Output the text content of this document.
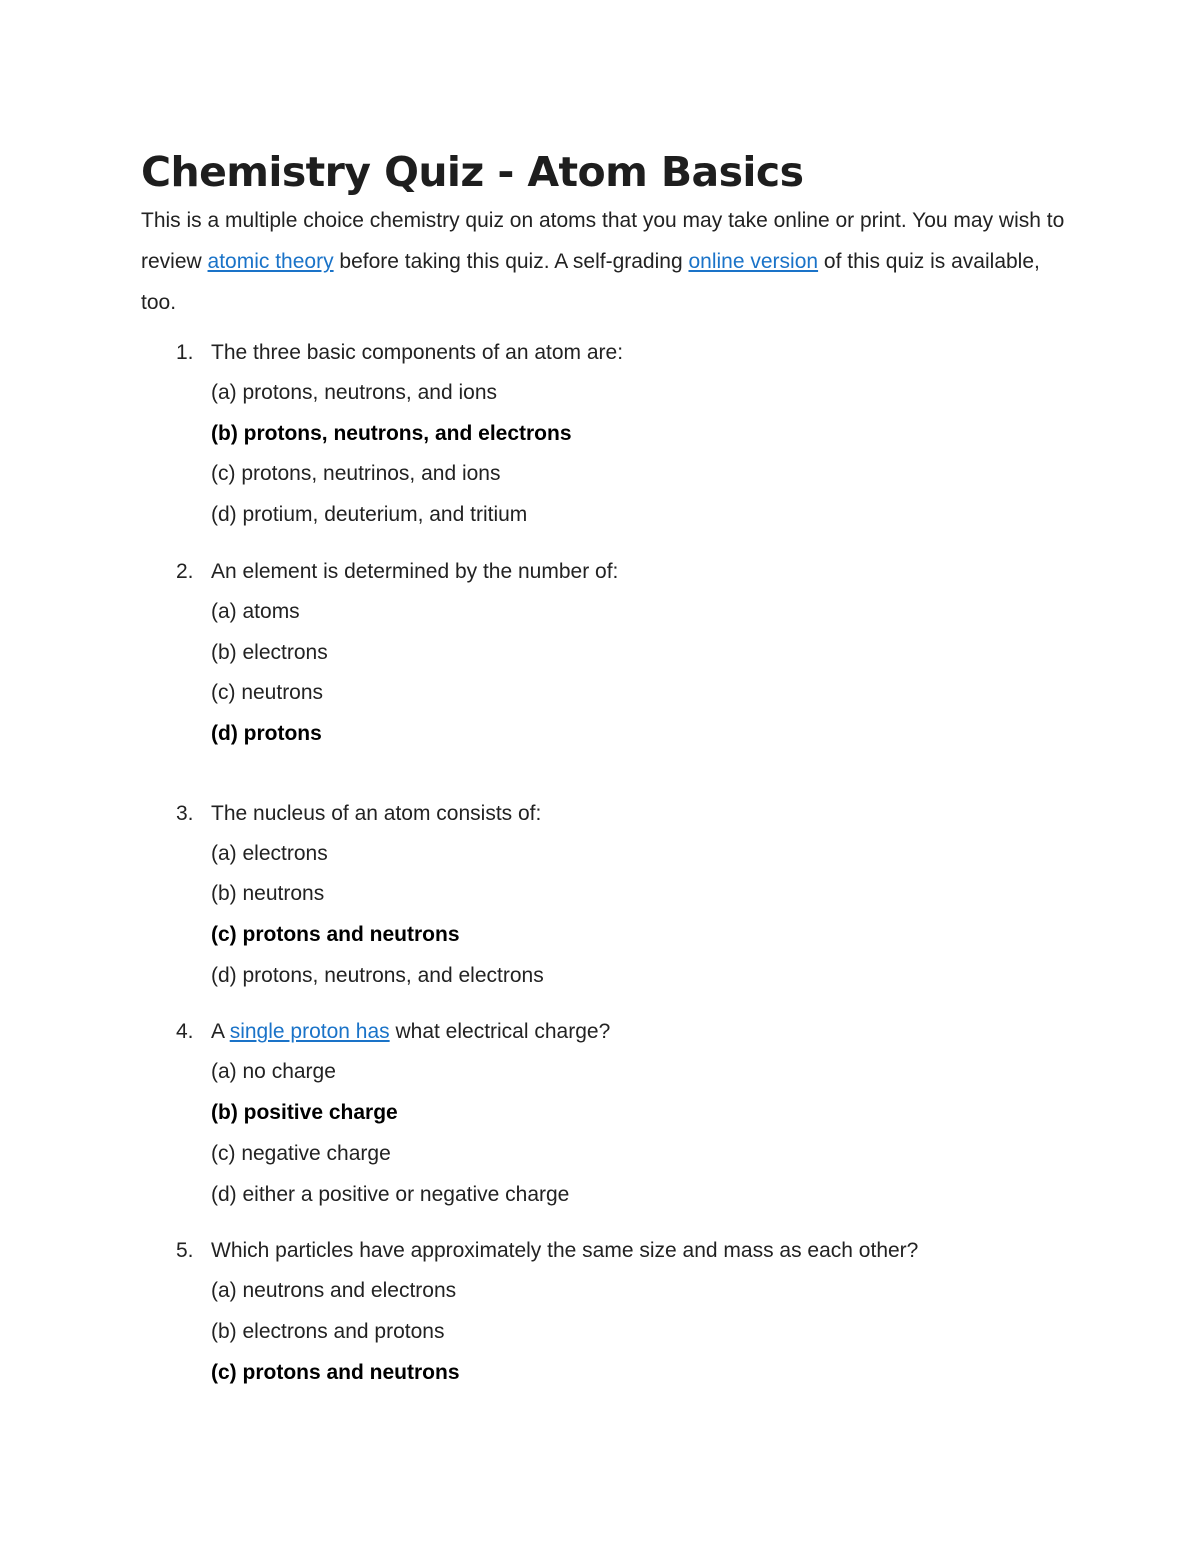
Chemistry Quiz - Atom Basics

This is a multiple choice chemistry quiz on atoms that you may take online or print. You may wish to review atomic theory before taking this quiz. A self-grading online version of this quiz is available, too.

1. The three basic components of an atom are:
(a) protons, neutrons, and ions
(b) protons, neutrons, and electrons
(c) protons, neutrinos, and ions
(d) protium, deuterium, and tritium
2. An element is determined by the number of:
(a) atoms
(b) electrons
(c) neutrons
(d) protons
3. The nucleus of an atom consists of:
(a) electrons
(b) neutrons
(c) protons and neutrons
(d) protons, neutrons, and electrons
4. A single proton has what electrical charge?
(a) no charge
(b) positive charge
(c) negative charge
(d) either a positive or negative charge
5. Which particles have approximately the same size and mass as each other?
(a) neutrons and electrons
(b) electrons and protons
(c) protons and neutrons
